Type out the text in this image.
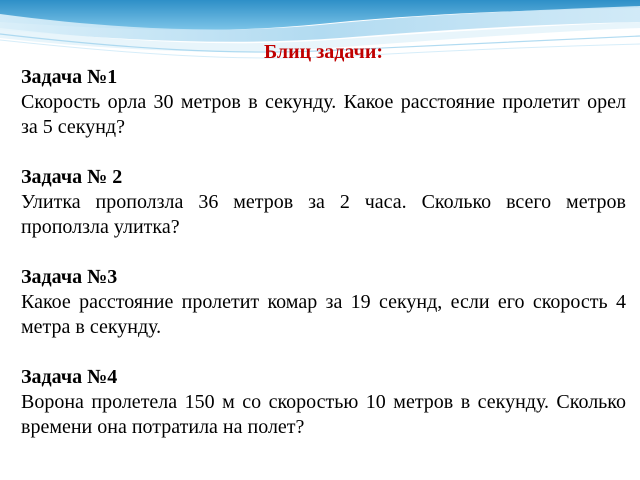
Блиц задачи:
Задача №1
Скорость орла 30 метров в секунду. Какое расстояние пролетит орел за 5 секунд?
Задача № 2
Улитка проползла 36 метров за 2 часа. Сколько всего метров проползла улитка?
Задача №3
Какое расстояние пролетит комар за 19 секунд, если его скорость 4 метра в секунду.
Задача №4
Ворона пролетела 150 м со скоростью 10 метров в секунду. Сколько времени она потратила на полет?
